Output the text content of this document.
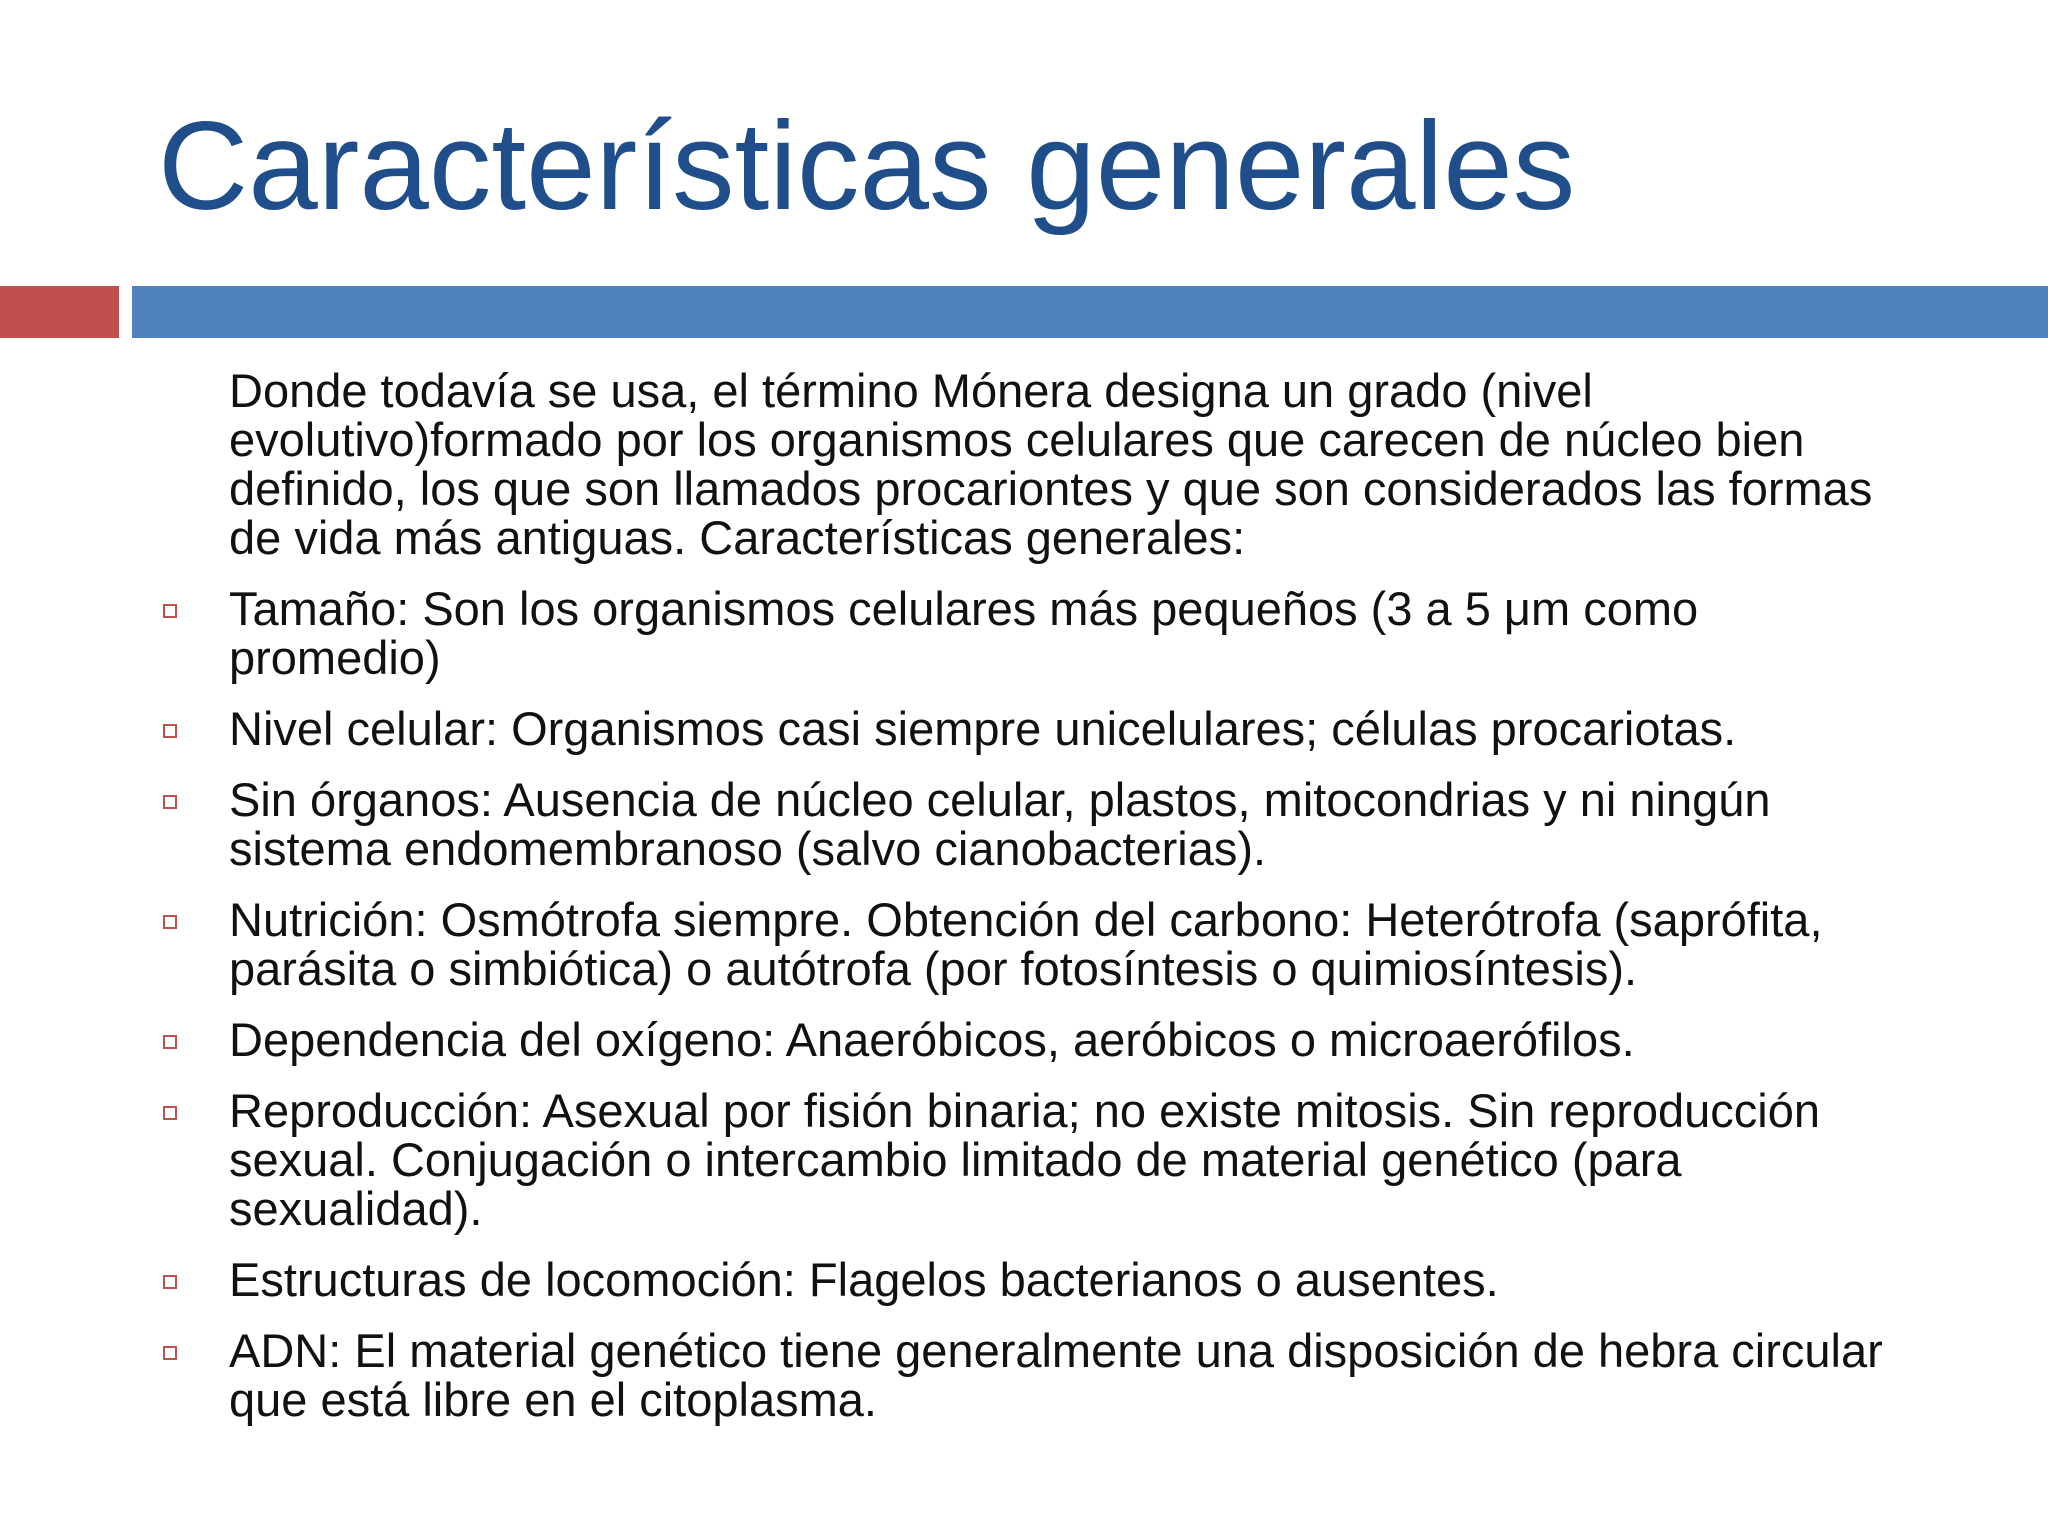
Características generales

Donde todavía se usa, el término Mónera designa un grado (nivel evolutivo)formado por los organismos celulares que carecen de núcleo bien definido, los que son llamados procariontes y que son considerados las formas de vida más antiguas. Características generales:

Tamaño: Son los organismos celulares más pequeños (3 a 5 μm como promedio)
Nivel celular: Organismos casi siempre unicelulares; células procariotas.
Sin órganos: Ausencia de núcleo celular, plastos, mitocondrias y ni ningún sistema endomembranoso (salvo cianobacterias).
Nutrición: Osmótrofa siempre. Obtención del carbono: Heterótrofa (saprófita, parásita o simbiótica) o autótrofa (por fotosíntesis o quimiosíntesis).
Dependencia del oxígeno: Anaeróbicos, aeróbicos o microaerófilos.
Reproducción: Asexual por fisión binaria; no existe mitosis. Sin reproducción sexual. Conjugación o intercambio limitado de material genético (para sexualidad).
Estructuras de locomoción: Flagelos bacterianos o ausentes.
ADN: El material genético tiene generalmente una disposición de hebra circular que está libre en el citoplasma.
